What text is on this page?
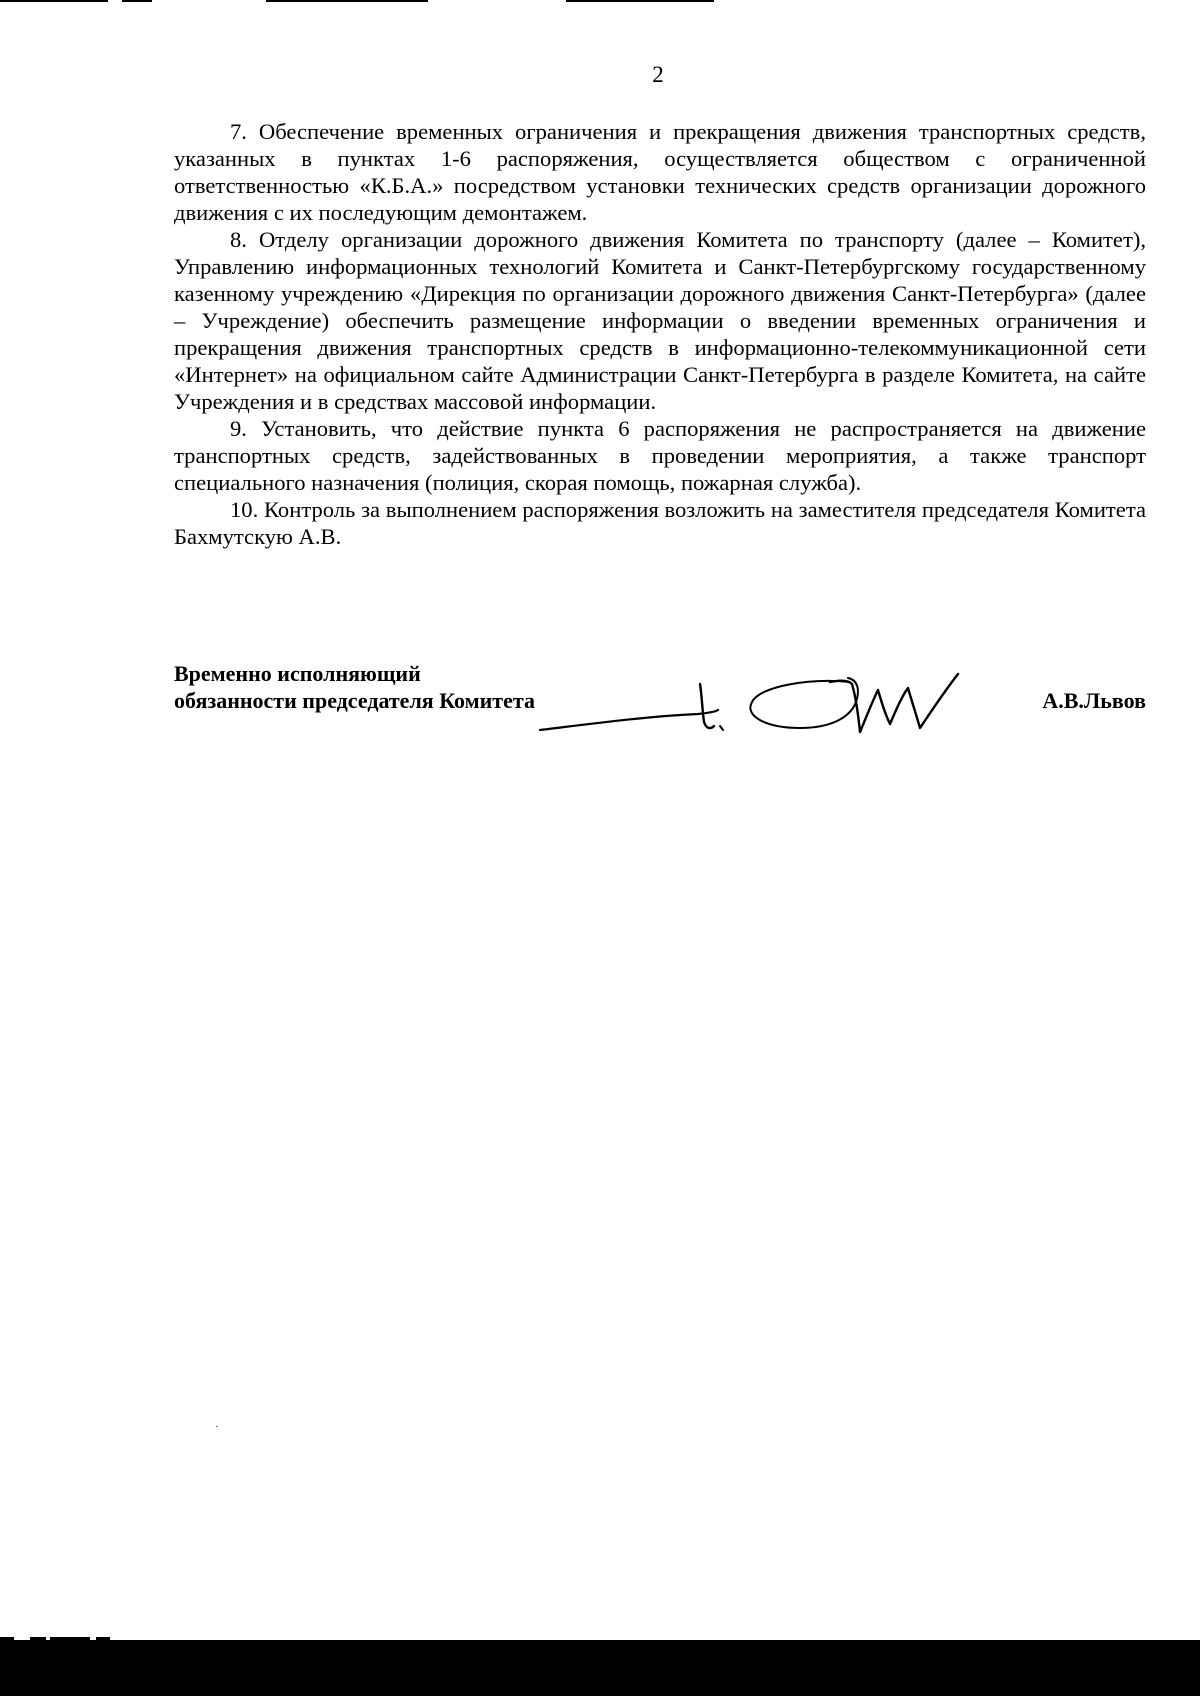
2

7. Обеспечение временных ограничения и прекращения движения транспортных средств, указанных в пунктах 1-6 распоряжения, осуществляется обществом с ограниченной ответственностью «К.Б.А.» посредством установки технических средств организации дорожного движения с их последующим демонтажем.

8. Отделу организации дорожного движения Комитета по транспорту (далее – Комитет), Управлению информационных технологий Комитета и Санкт-Петербургскому государственному казенному учреждению «Дирекция по организации дорожного движения Санкт-Петербурга» (далее – Учреждение) обеспечить размещение информации о введении временных ограничения и прекращения движения транспортных средств в информационно-телекоммуникационной сети «Интернет» на официальном сайте Администрации Санкт-Петербурга в разделе Комитета, на сайте Учреждения и в средствах массовой информации.

9. Установить, что действие пункта 6 распоряжения не распространяется на движение транспортных средств, задействованных в проведении мероприятия, а также транспорт специального назначения (полиция, скорая помощь, пожарная служба).

10. Контроль за выполнением распоряжения возложить на заместителя председателя Комитета Бахмутскую А.В.

Временно исполняющий
обязанности председателя Комитета	А.В.Львов
